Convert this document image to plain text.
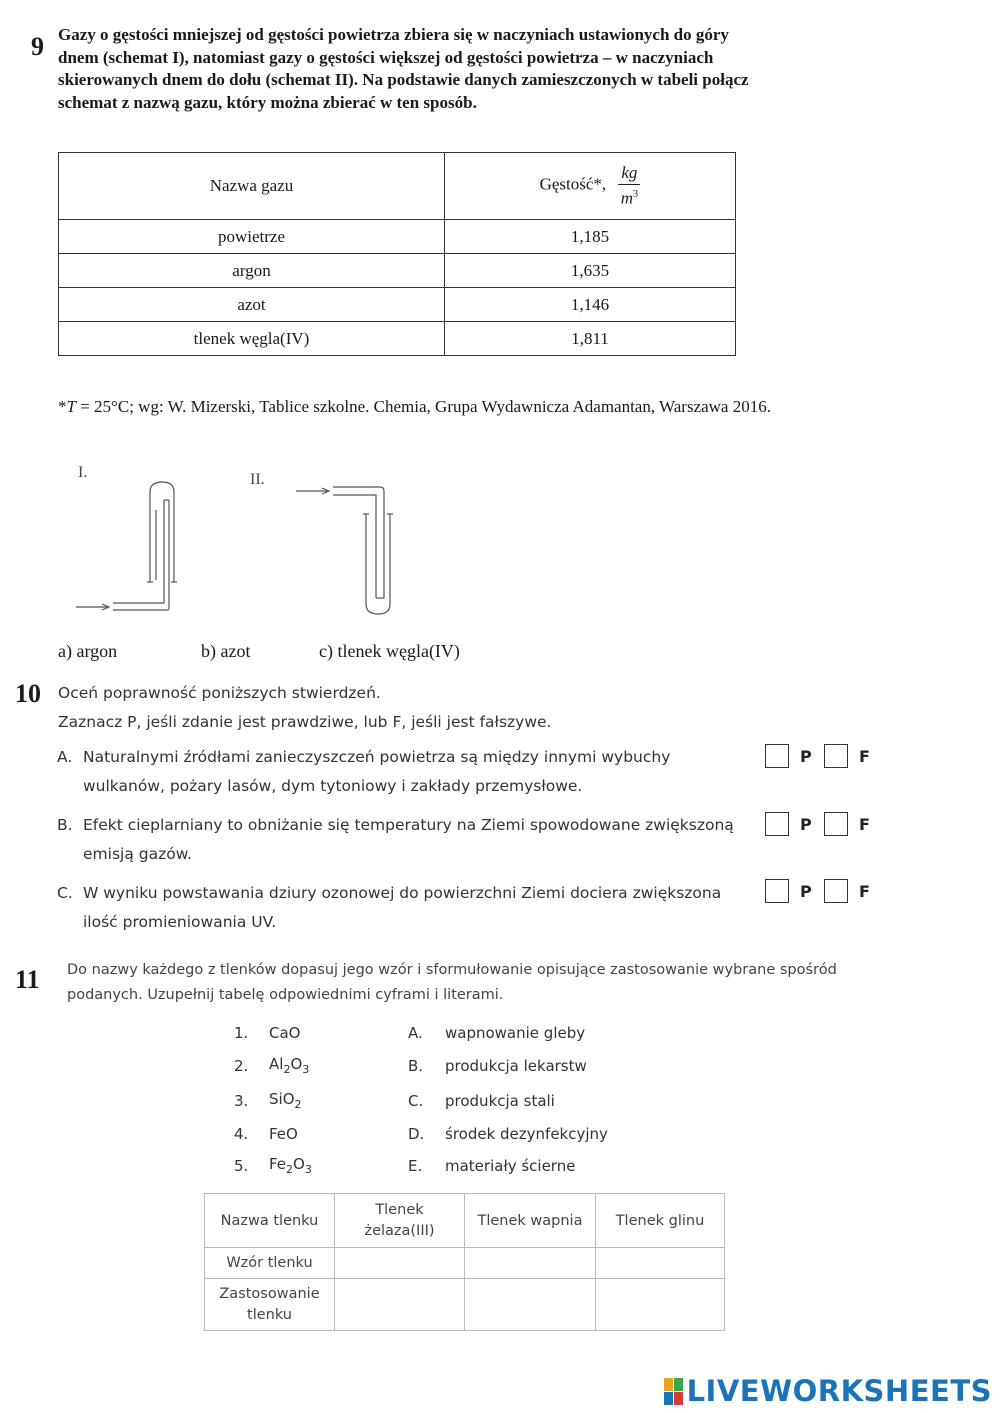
9 Gazy o gęstości mniejszej od gęstości powietrza zbiera się w naczyniach ustawionych do góry dnem (schemat I), natomiast gazy o gęstości większej od gęstości powietrza – w naczyniach skierowanych dnem do dołu (schemat II). Na podstawie danych zamieszczonych w tabeli połącz schemat z nazwą gazu, który można zbierać w ten sposób.
Nazwa gazu	Gęstość*, $\frac{kg}{m^3}$

powietrze	1,185
argon	1,635
azot	1,146
tlenek węgla(IV)	1,811
*T = 25°C; wg: W. Mizerski, Tablice szkolne. Chemia, Grupa Wydawnicza Adamantan, Warszawa 2016.
I.	II.
a) argon	b) azot	c) tlenek węgla(IV)
10 Oceń poprawność poniższych stwierdzeń.
Zaznacz P, jeśli zdanie jest prawdziwe, lub F, jeśli jest fałszywe.
A. Naturalnymi źródłami zanieczyszczeń powietrza są między innymi wybuchy wulkanów, pożary lasów, dym tytoniowy i zakłady przemysłowe.
P	F
B. Efekt cieplarniany to obniżanie się temperatury na Ziemi spowodowane zwiększoną emisją gazów.
P	F
C. W wyniku powstawania dziury ozonowej do powierzchni Ziemi dociera zwiększona ilość promieniowania UV.
P	F
11 Do nazwy każdego z tlenków dopasuj jego wzór i sformułowanie opisujące zastosowanie wybrane spośród podanych. Uzupełnij tabelę odpowiednimi cyframi i literami.
1. CaO
2. $Al_2O_3$
3. SiO$_2$
4. FeO
5. $Fe_2O_3$
A. wapnowanie gleby
B. produkcja lekarstw
C. produkcja stali
D. środek dezynfekcyjny
E. materiały ścierne
Nazwa tlenku	Tlenek żelaza(III)	Tlenek wapnia	Tlenek glinu
Wzór tlenku			
Zastosowanie tlenku			
LIVEWORKSHEETS
